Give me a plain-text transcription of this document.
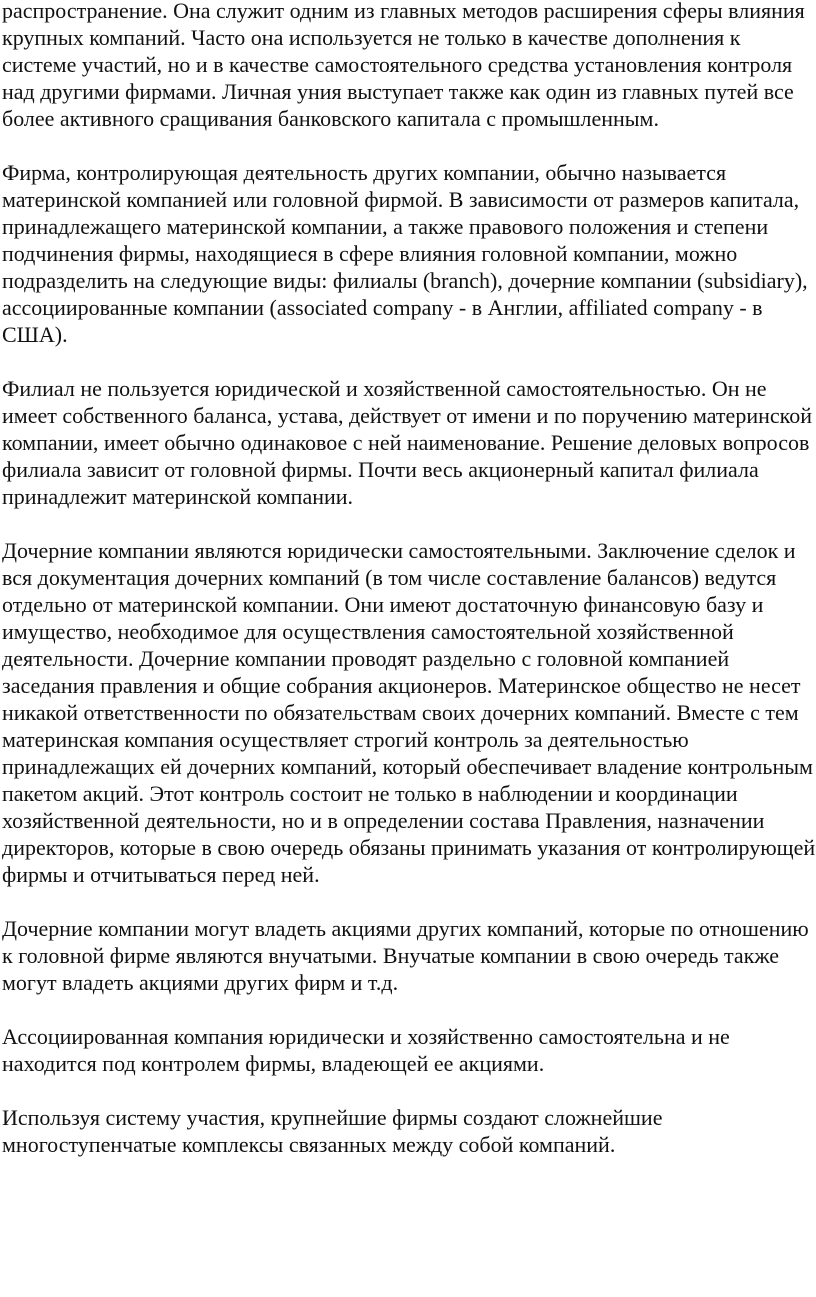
распространение. Она служит одним из главных методов расширения сферы влияния крупных компаний. Часто она используется не только в качестве дополнения к системе участий, но и в качестве самостоятельного средства установления контроля над другими фирмами. Личная уния выступает также как один из главных путей все более активного сращивания банковского капитала с промышленным.

Фирма, контролирующая деятельность других компании, обычно называется материнской компанией или головной фирмой. В зависимости от размеров капитала, принадлежащего материнской компании, а также правового положения и степени подчинения фирмы, находящиеся в сфере влияния головной компании, можно подразделить на следующие виды: филиалы (branch), дочерние компании (subsidiary), ассоциированные компании (associated company - в Англии, affiliated company - в США).

Филиал не пользуется юридической и хозяйственной самостоятельностью. Он не имеет собственного баланса, устава, действует от имени и по поручению материнской компании, имеет обычно одинаковое с ней наименование. Решение деловых вопросов филиала зависит от головной фирмы. Почти весь акционерный капитал филиала принадлежит материнской компании.

Дочерние компании являются юридически самостоятельными. Заключение сделок и вся документация дочерних компаний (в том числе составление балансов) ведутся отдельно от материнской компании. Они имеют достаточную финансовую базу и имущество, необходимое для осуществления самостоятельной хозяйственной деятельности. Дочерние компании проводят раздельно с головной компанией заседания правления и общие собрания акционеров. Материнское общество не несет никакой ответственности по обязательствам своих дочерних компаний. Вместе с тем материнская компания осуществляет строгий контроль за деятельностью принадлежащих ей дочерних компаний, который обеспечивает владение контрольным пакетом акций. Этот контроль состоит не только в наблюдении и координации хозяйственной деятельности, но и в определении состава Правления, назначении директоров, которые в свою очередь обязаны принимать указания от контролирующей фирмы и отчитываться перед ней.

Дочерние компании могут владеть акциями других компаний, которые по отношению к головной фирме являются внучатыми. Внучатые компании в свою очередь также могут владеть акциями других фирм и т.д.

Ассоциированная компания юридически и хозяйственно самостоятельна и не находится под контролем фирмы, владеющей ее акциями.

Используя систему участия, крупнейшие фирмы создают сложнейшие многоступенчатые комплексы связанных между собой компаний.
